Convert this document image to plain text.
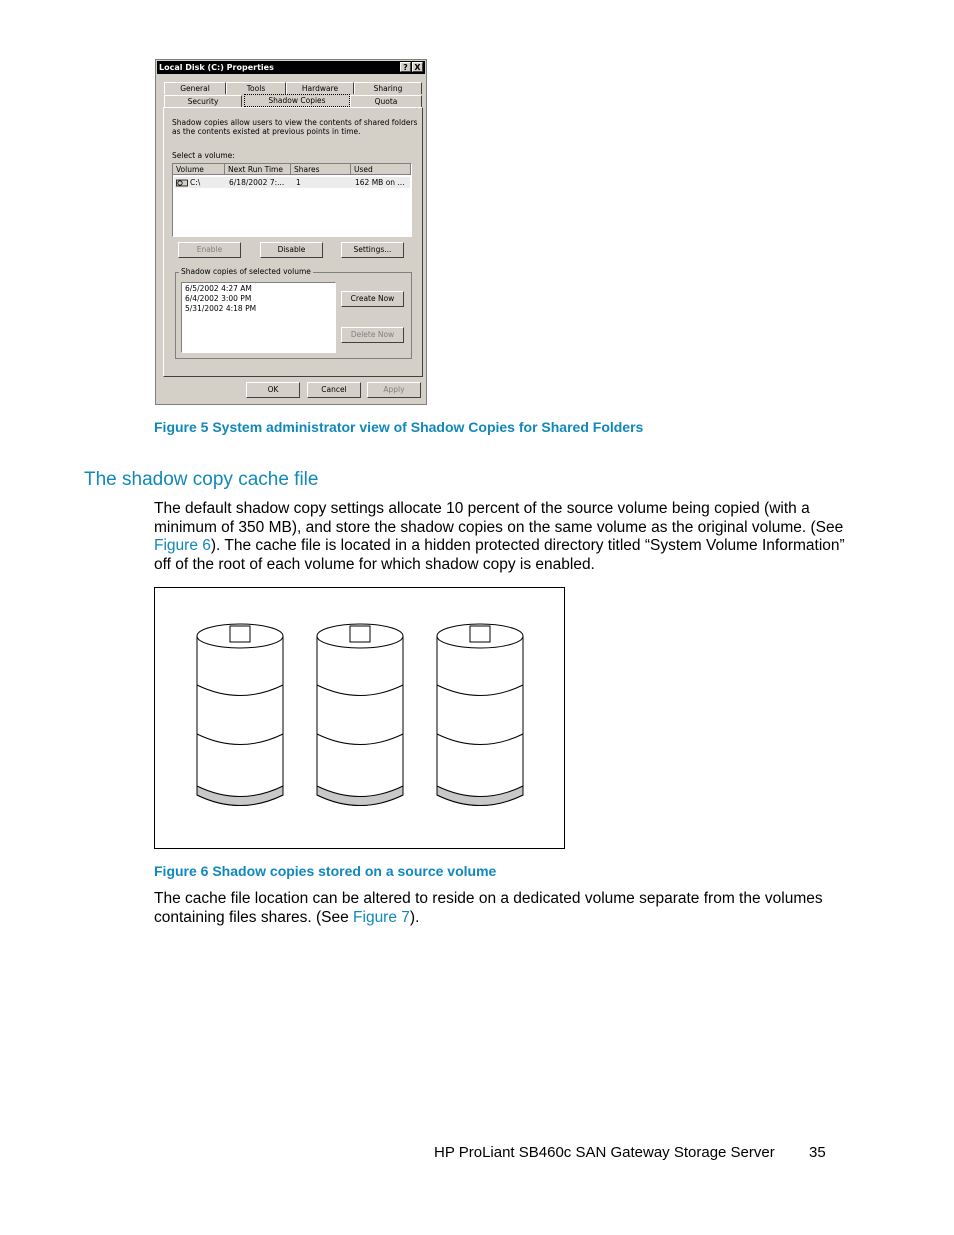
Local Disk (C:) Properties	? X
General	Tools	Hardware	Sharing
Security	Shadow Copies	Quota
Shadow copies allow users to view the contents of shared folders
as the contents existed at previous points in time.
Select a volume:
Volume	Next Run Time	Shares	Used
C:\	6/18/2002 7:... 1	162 MB on ...
Enable	Disable	Settings...
Shadow copies of selected volume
6/5/2002 4:27 AM
6/4/2002 3:00 PM
5/31/2002 4:18 PM
Create Now
Delete Now
OK	Cancel	Apply
Figure 5 System administrator view of Shadow Copies for Shared Folders
The shadow copy cache file
The default shadow copy settings allocate 10 percent of the source volume being copied (with a
minimum of 350 MB), and store the shadow copies on the same volume as the original volume. (See
Figure 6). The cache file is located in a hidden protected directory titled “System Volume Information”
off of the root of each volume for which shadow copy is enabled.
Figure 6 Shadow copies stored on a source volume
The cache file location can be altered to reside on a dedicated volume separate from the volumes
containing files shares. (See Figure 7).
HP ProLiant SB460c SAN Gateway Storage Server 35
